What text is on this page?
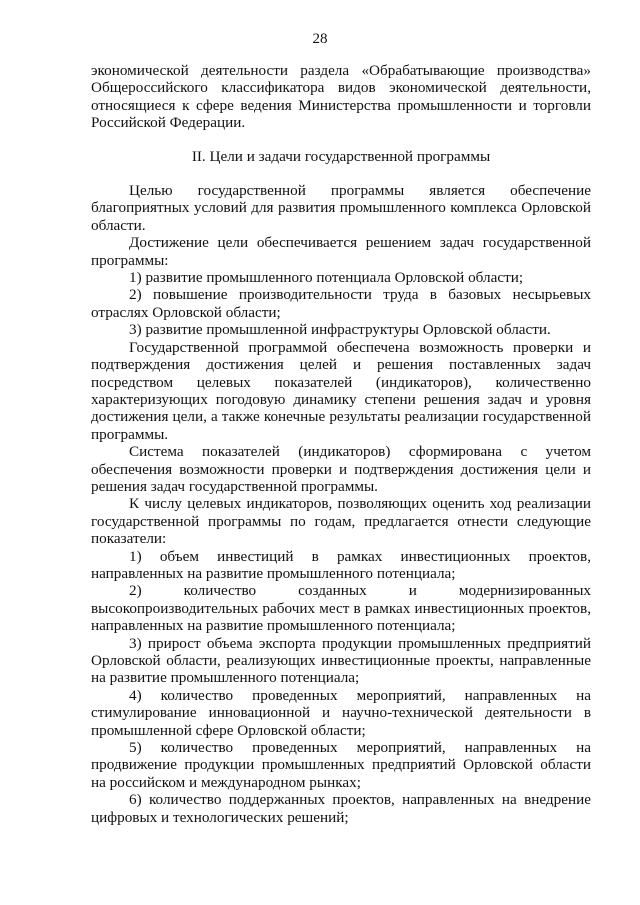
28

экономической деятельности раздела «Обрабатывающие производства» Общероссийского классификатора видов экономической деятельности, относящиеся к сфере ведения Министерства промышленности и торговли Российской Федерации.

II. Цели и задачи государственной программы

Целью государственной программы является обеспечение благоприятных условий для развития промышленного комплекса Орловской области.

Достижение цели обеспечивается решением задач государственной программы:

1) развитие промышленного потенциала Орловской области;

2) повышение производительности труда в базовых несырьевых отраслях Орловской области;

3) развитие промышленной инфраструктуры Орловской области.

Государственной программой обеспечена возможность проверки и подтверждения достижения целей и решения поставленных задач посредством целевых показателей (индикаторов), количественно характеризующих погодовую динамику степени решения задач и уровня достижения цели, а также конечные результаты реализации государственной программы.

Система показателей (индикаторов) сформирована с учетом обеспечения возможности проверки и подтверждения достижения цели и решения задач государственной программы.

К числу целевых индикаторов, позволяющих оценить ход реализации государственной программы по годам, предлагается отнести следующие показатели:

1) объем инвестиций в рамках инвестиционных проектов, направленных на развитие промышленного потенциала;

2) количество созданных и модернизированных высокопроизводительных рабочих мест в рамках инвестиционных проектов, направленных на развитие промышленного потенциала;

3) прирост объема экспорта продукции промышленных предприятий Орловской области, реализующих инвестиционные проекты, направленные на развитие промышленного потенциала;

4) количество проведенных мероприятий, направленных на стимулирование инновационной и научно-технической деятельности в промышленной сфере Орловской области;

5) количество проведенных мероприятий, направленных на продвижение продукции промышленных предприятий Орловской области на российском и международном рынках;

6) количество поддержанных проектов, направленных на внедрение цифровых и технологических решений;
